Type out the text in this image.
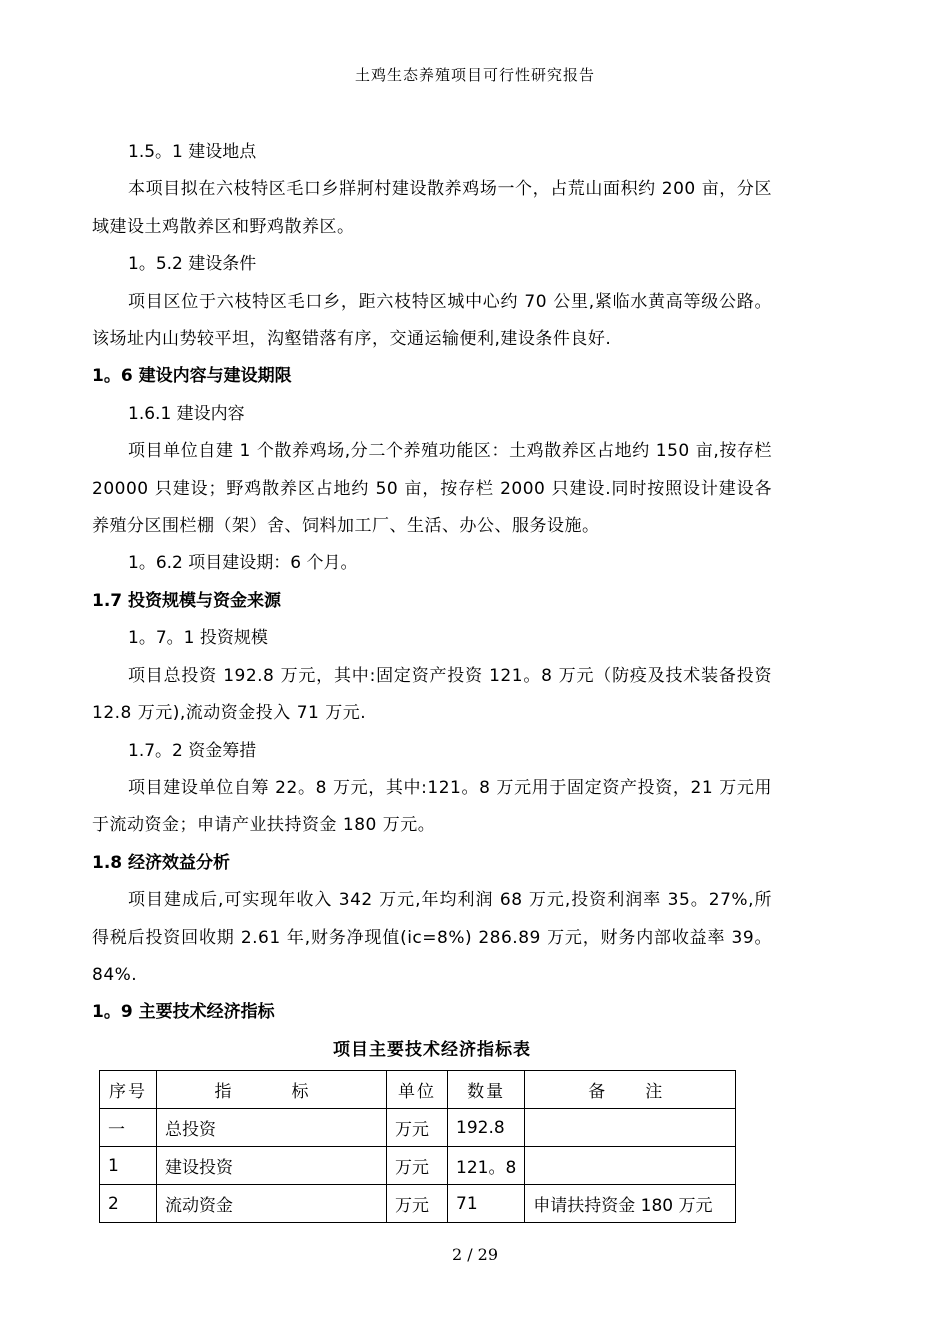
土鸡生态养殖项目可行性研究报告

1.5。1 建设地点

本项目拟在六枝特区毛口乡牂牁村建设散养鸡场一个，占荒山面积约 200 亩，分区域建设土鸡散养区和野鸡散养区。

1。5.2 建设条件

项目区位于六枝特区毛口乡，距六枝特区城中心约 70 公里,紧临水黄高等级公路。该场址内山势较平坦，沟壑错落有序，交通运输便利,建设条件良好.

1。6 建设内容与建设期限

1.6.1 建设内容

项目单位自建 1 个散养鸡场,分二个养殖功能区：土鸡散养区占地约 150 亩,按存栏 20000 只建设；野鸡散养区占地约 50 亩，按存栏 2000 只建设.同时按照设计建设各养殖分区围栏棚（架）舍、饲料加工厂、生活、办公、服务设施。

1。6.2 项目建设期：6 个月。

1.7 投资规模与资金来源

1。7。1 投资规模

项目总投资 192.8 万元，其中:固定资产投资 121。8 万元（防疫及技术装备投资 12.8 万元),流动资金投入 71 万元.

1.7。2 资金筹措

项目建设单位自筹 22。8 万元，其中:121。8 万元用于固定资产投资，21 万元用于流动资金；申请产业扶持资金 180 万元。

1.8 经济效益分析

项目建成后,可实现年收入 342 万元,年均利润 68 万元,投资利润率 35。27%,所得税后投资回收期 2.61 年,财务净现值(ic=8%) 286.89 万元，财务内部收益率 39。84%.

1。9 主要技术经济指标

项目主要技术经济指标表

序号	指标	单位	数量	备注
一	总投资	万元	192.8	
1	建设投资	万元	121。8	
2	流动资金	万元	71	申请扶持资金 180 万元
2 / 29
